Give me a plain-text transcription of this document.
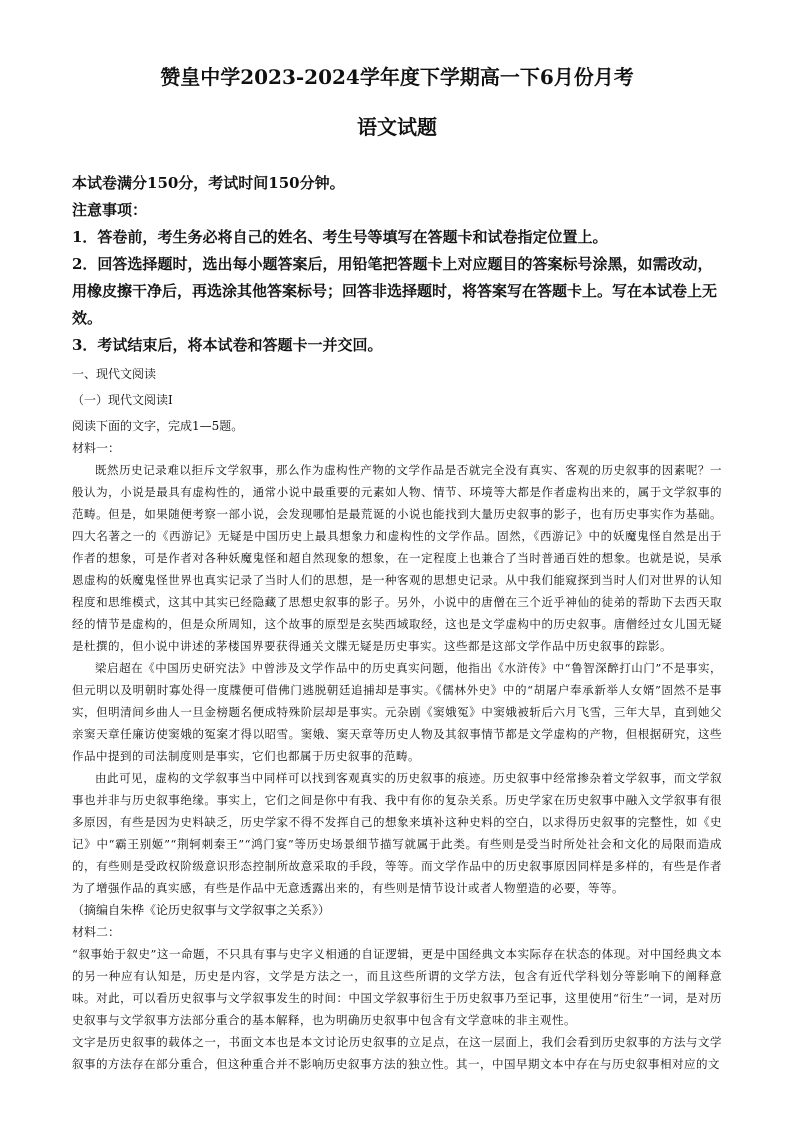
赞皇中学2023-2024学年度下学期高一下6月份月考
语文试题

本试卷满分150分，考试时间150分钟。

注意事项：

1．答卷前，考生务必将自己的姓名、考生号等填写在答题卡和试卷指定位置上。

2．回答选择题时，选出每小题答案后，用铅笔把答题卡上对应题目的答案标号涂黑，如需改动，用橡皮擦干净后，再选涂其他答案标号；回答非选择题时，将答案写在答题卡上。写在本试卷上无效。

3．考试结束后，将本试卷和答题卡一并交回。

一、现代文阅读

（一）现代文阅读Ⅰ

阅读下面的文字，完成1—5题。

材料一：

既然历史记录难以拒斥文学叙事，那么作为虚构性产物的文学作品是否就完全没有真实、客观的历史叙事的因素呢？一般认为，小说是最具有虚构性的，通常小说中最重要的元素如人物、情节、环境等大都是作者虚构出来的，属于文学叙事的范畴。但是，如果随便考察一部小说，会发现哪怕是最荒诞的小说也能找到大量历史叙事的影子，也有历史事实作为基础。四大名著之一的《西游记》无疑是中国历史上最具想象力和虚构性的文学作品。固然，《西游记》中的妖魔鬼怪自然是出于作者的想象，可是作者对各种妖魔鬼怪和超自然现象的想象，在一定程度上也兼合了当时普通百姓的想象。也就是说，吴承恩虚构的妖魔鬼怪世界也真实记录了当时人们的思想，是一种客观的思想史记录。从中我们能窥探到当时人们对世界的认知程度和思维模式，这其中其实已经隐藏了思想史叙事的影子。另外，小说中的唐僧在三个近乎神仙的徒弟的帮助下去西天取经的情节是虚构的，但是众所周知，这个故事的原型是玄奘西域取经，这也是文学虚构中的历史叙事。唐僧经过女儿国无疑是杜撰的，但小说中讲述的茅楼国界要获得通关文牒无疑是历史事实。这些都是这部文学作品中历史叙事的踪影。

梁启超在《中国历史研究法》中曾涉及文学作品中的历史真实问题，他指出《水浒传》中“鲁智深醉打山门”不是事实，但元明以及明朝时寡处得一度牒便可借佛门逃脱朝廷追捕却是事实。《儒林外史》中的“胡屠户奉承新举人女婿”固然不是事实，但明清间乡曲人一旦金榜题名便成特殊阶层却是事实。元杂剧《窦娥冤》中窦娥被斩后六月飞雪，三年大旱，直到她父亲窦天章任廉访使窦娥的冤案才得以昭雪。窦娥、窦天章等历史人物及其叙事情节都是文学虚构的产物，但根据研究，这些作品中提到的司法制度则是事实，它们也都属于历史叙事的范畴。

由此可见，虚构的文学叙事当中同样可以找到客观真实的历史叙事的痕迹。历史叙事中经常掺杂着文学叙事，而文学叙事也并非与历史叙事绝缘。事实上，它们之间是你中有我、我中有你的复杂关系。历史学家在历史叙事中融入文学叙事有很多原因，有些是因为史料缺乏，历史学家不得不发挥自己的想象来填补这种史料的空白，以求得历史叙事的完整性，如《史记》中“霸王别姬”“荆轲刺秦王”“鸿门宴”等历史场景细节描写就属于此类。有些则是受当时所处社会和文化的局限而造成的，有些则是受政权阶级意识形态控制所故意采取的手段，等等。而文学作品中的历史叙事原因同样是多样的，有些是作者为了增强作品的真实感，有些是作品中无意透露出来的，有些则是情节设计或者人物塑造的必要，等等。

（摘编自朱桦《论历史叙事与文学叙事之关系》）

材料二：

“叙事始于叙史”这一命题，不只具有事与史字义相通的自证逻辑，更是中国经典文本实际存在状态的体现。对中国经典文本的另一种应有认知是，历史是内容，文学是方法之一，而且这些所谓的文学方法，包含有近代学科划分等影响下的阐释意味。对此，可以看历史叙事与文学叙事发生的时间：中国文学叙事衍生于历史叙事乃至记事，这里使用“衍生”一词，是对历史叙事与文学叙事方法部分重合的基本解释，也为明确历史叙事中包含有文学意味的非主观性。

文字是历史叙事的载体之一，书面文本也是本文讨论历史叙事的立足点，在这一层面上，我们会看到历史叙事的方法与文学叙事的方法存在部分重合，但这种重合并不影响历史叙事方法的独立性。其一，中国早期文本中存在与历史叙事相对应的文
